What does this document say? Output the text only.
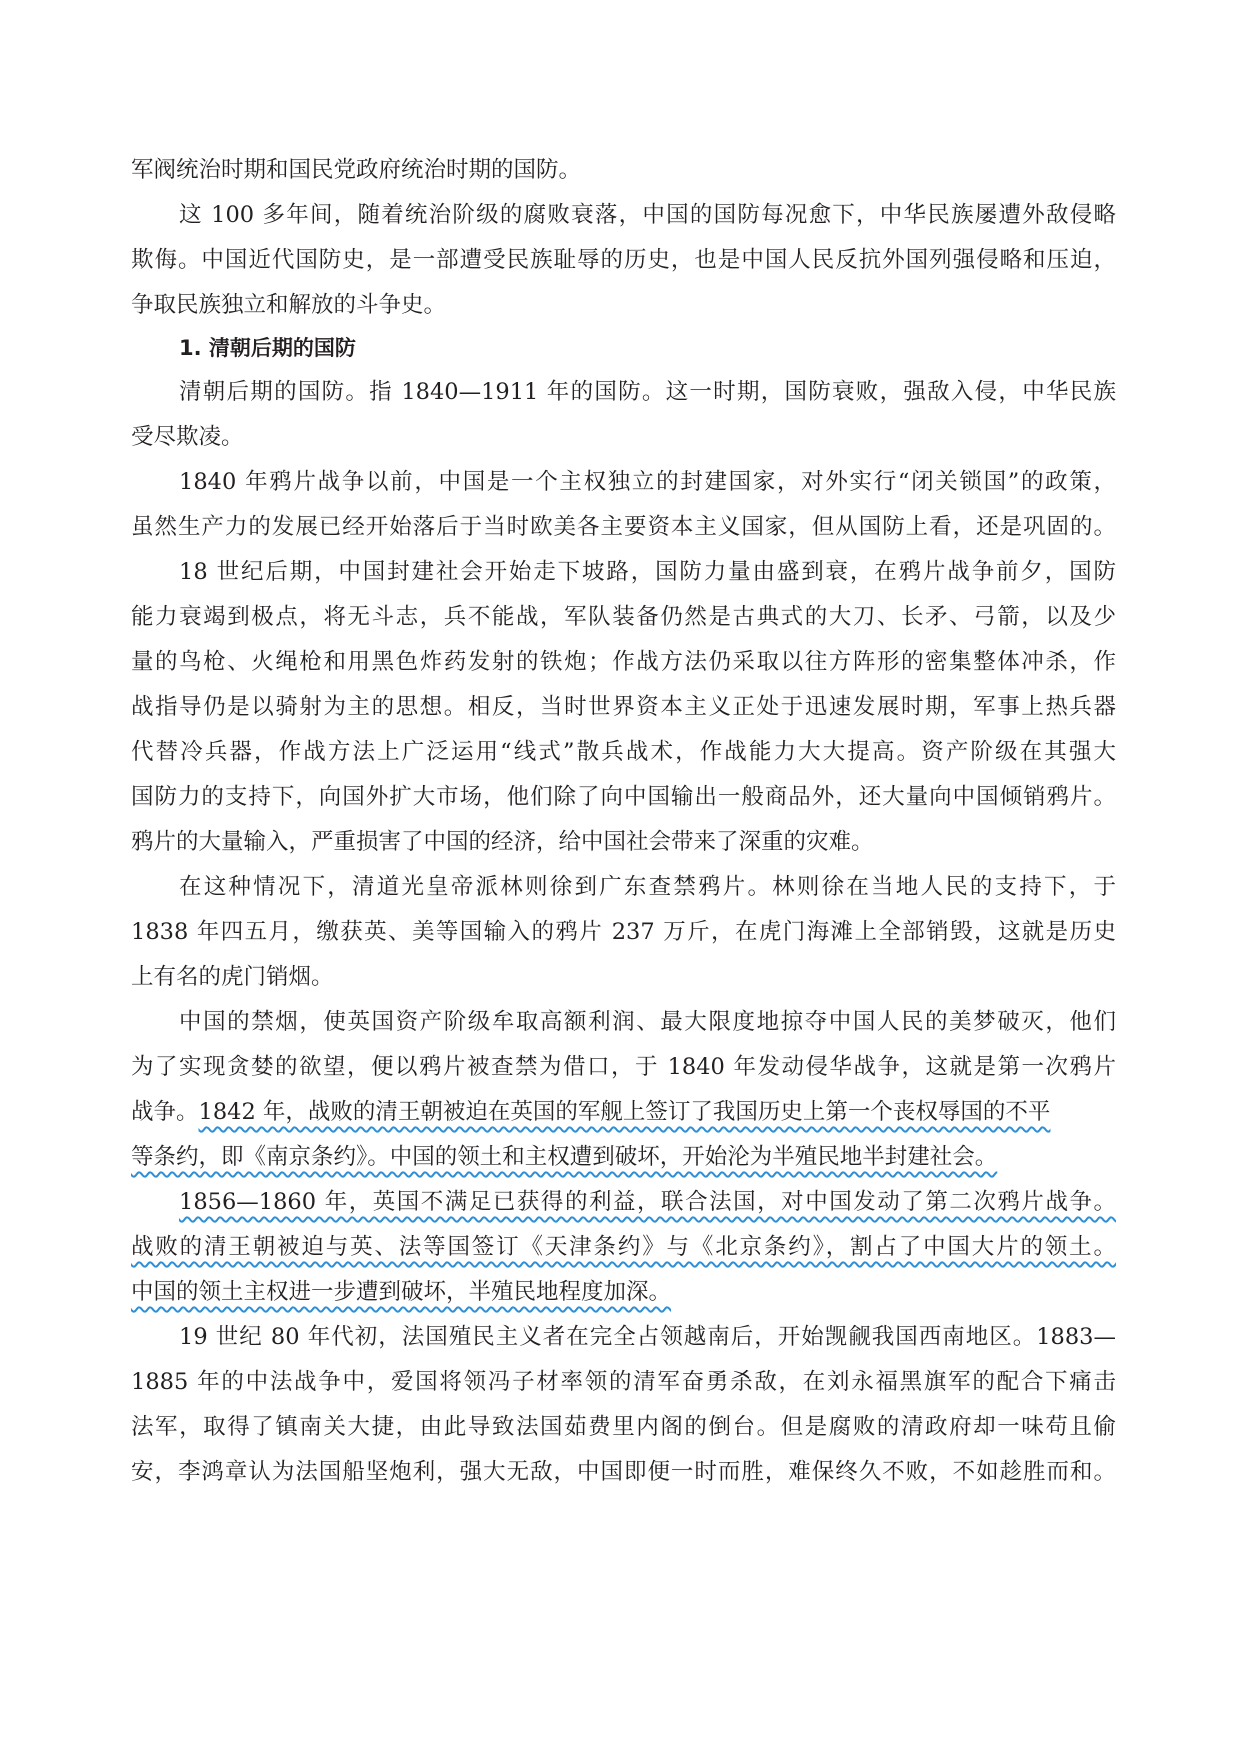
军阀统治时期和国民党政府统治时期的国防。
这 100 多年间，随着统治阶级的腐败衰落，中国的国防每况愈下，中华民族屡遭外敌侵略
欺侮。中国近代国防史，是一部遭受民族耻辱的历史，也是中国人民反抗外国列强侵略和压迫，
争取民族独立和解放的斗争史。
1. 清朝后期的国防
清朝后期的国防。指 1840—1911 年的国防。这一时期，国防衰败，强敌入侵，中华民族
受尽欺凌。
1840 年鸦片战争以前，中国是一个主权独立的封建国家，对外实行“闭关锁国”的政策，
虽然生产力的发展已经开始落后于当时欧美各主要资本主义国家，但从国防上看，还是巩固的。
18 世纪后期，中国封建社会开始走下坡路，国防力量由盛到衰，在鸦片战争前夕，国防
能力衰竭到极点，将无斗志，兵不能战，军队装备仍然是古典式的大刀、长矛、弓箭，以及少
量的鸟枪、火绳枪和用黑色炸药发射的铁炮；作战方法仍采取以往方阵形的密集整体冲杀，作
战指导仍是以骑射为主的思想。相反，当时世界资本主义正处于迅速发展时期，军事上热兵器
代替冷兵器，作战方法上广泛运用“线式”散兵战术，作战能力大大提高。资产阶级在其强大
国防力的支持下，向国外扩大市场，他们除了向中国输出一般商品外，还大量向中国倾销鸦片。
鸦片的大量输入，严重损害了中国的经济，给中国社会带来了深重的灾难。
在这种情况下，清道光皇帝派林则徐到广东查禁鸦片。林则徐在当地人民的支持下，于
1838 年四五月，缴获英、美等国输入的鸦片 237 万斤，在虎门海滩上全部销毁，这就是历史
上有名的虎门销烟。
中国的禁烟，使英国资产阶级牟取高额利润、最大限度地掠夺中国人民的美梦破灭，他们
为了实现贪婪的欲望，便以鸦片被查禁为借口，于 1840 年发动侵华战争，这就是第一次鸦片
战争。1842 年，战败的清王朝被迫在英国的军舰上签订了我国历史上第一个丧权辱国的不平
等条约，即《南京条约》。中国的领土和主权遭到破坏，开始沦为半殖民地半封建社会。
1856—1860 年，英国不满足已获得的利益，联合法国，对中国发动了第二次鸦片战争。
战败的清王朝被迫与英、法等国签订《天津条约》与《北京条约》，割占了中国大片的领土。
中国的领土主权进一步遭到破坏，半殖民地程度加深。
19 世纪 80 年代初，法国殖民主义者在完全占领越南后，开始觊觎我国西南地区。1883—
1885 年的中法战争中，爱国将领冯子材率领的清军奋勇杀敌，在刘永福黑旗军的配合下痛击
法军，取得了镇南关大捷，由此导致法国茹费里内阁的倒台。但是腐败的清政府却一味苟且偷
安，李鸿章认为法国船坚炮利，强大无敌，中国即便一时而胜，难保终久不败，不如趁胜而和。
